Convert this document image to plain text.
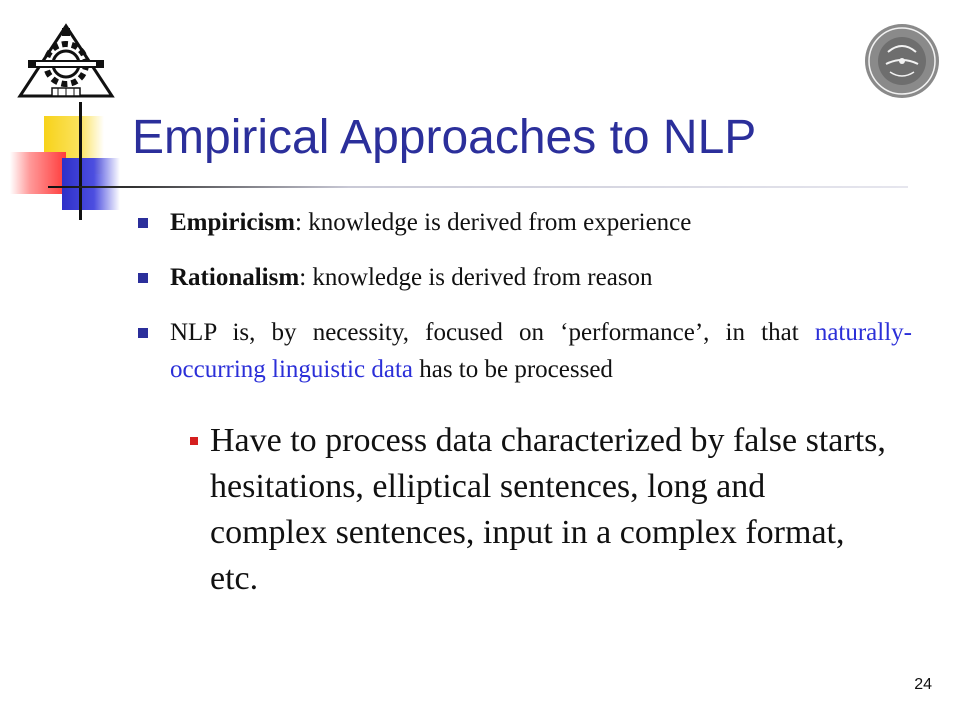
Empirical Approaches to NLP

Empiricism: knowledge is derived from experience

Rationalism: knowledge is derived from reason

NLP is, by necessity, focused on ‘performance’, in that naturally-occurring linguistic data has to be processed

Have to process data characterized by false starts, hesitations, elliptical sentences, long and complex sentences, input in a complex format, etc.

24
